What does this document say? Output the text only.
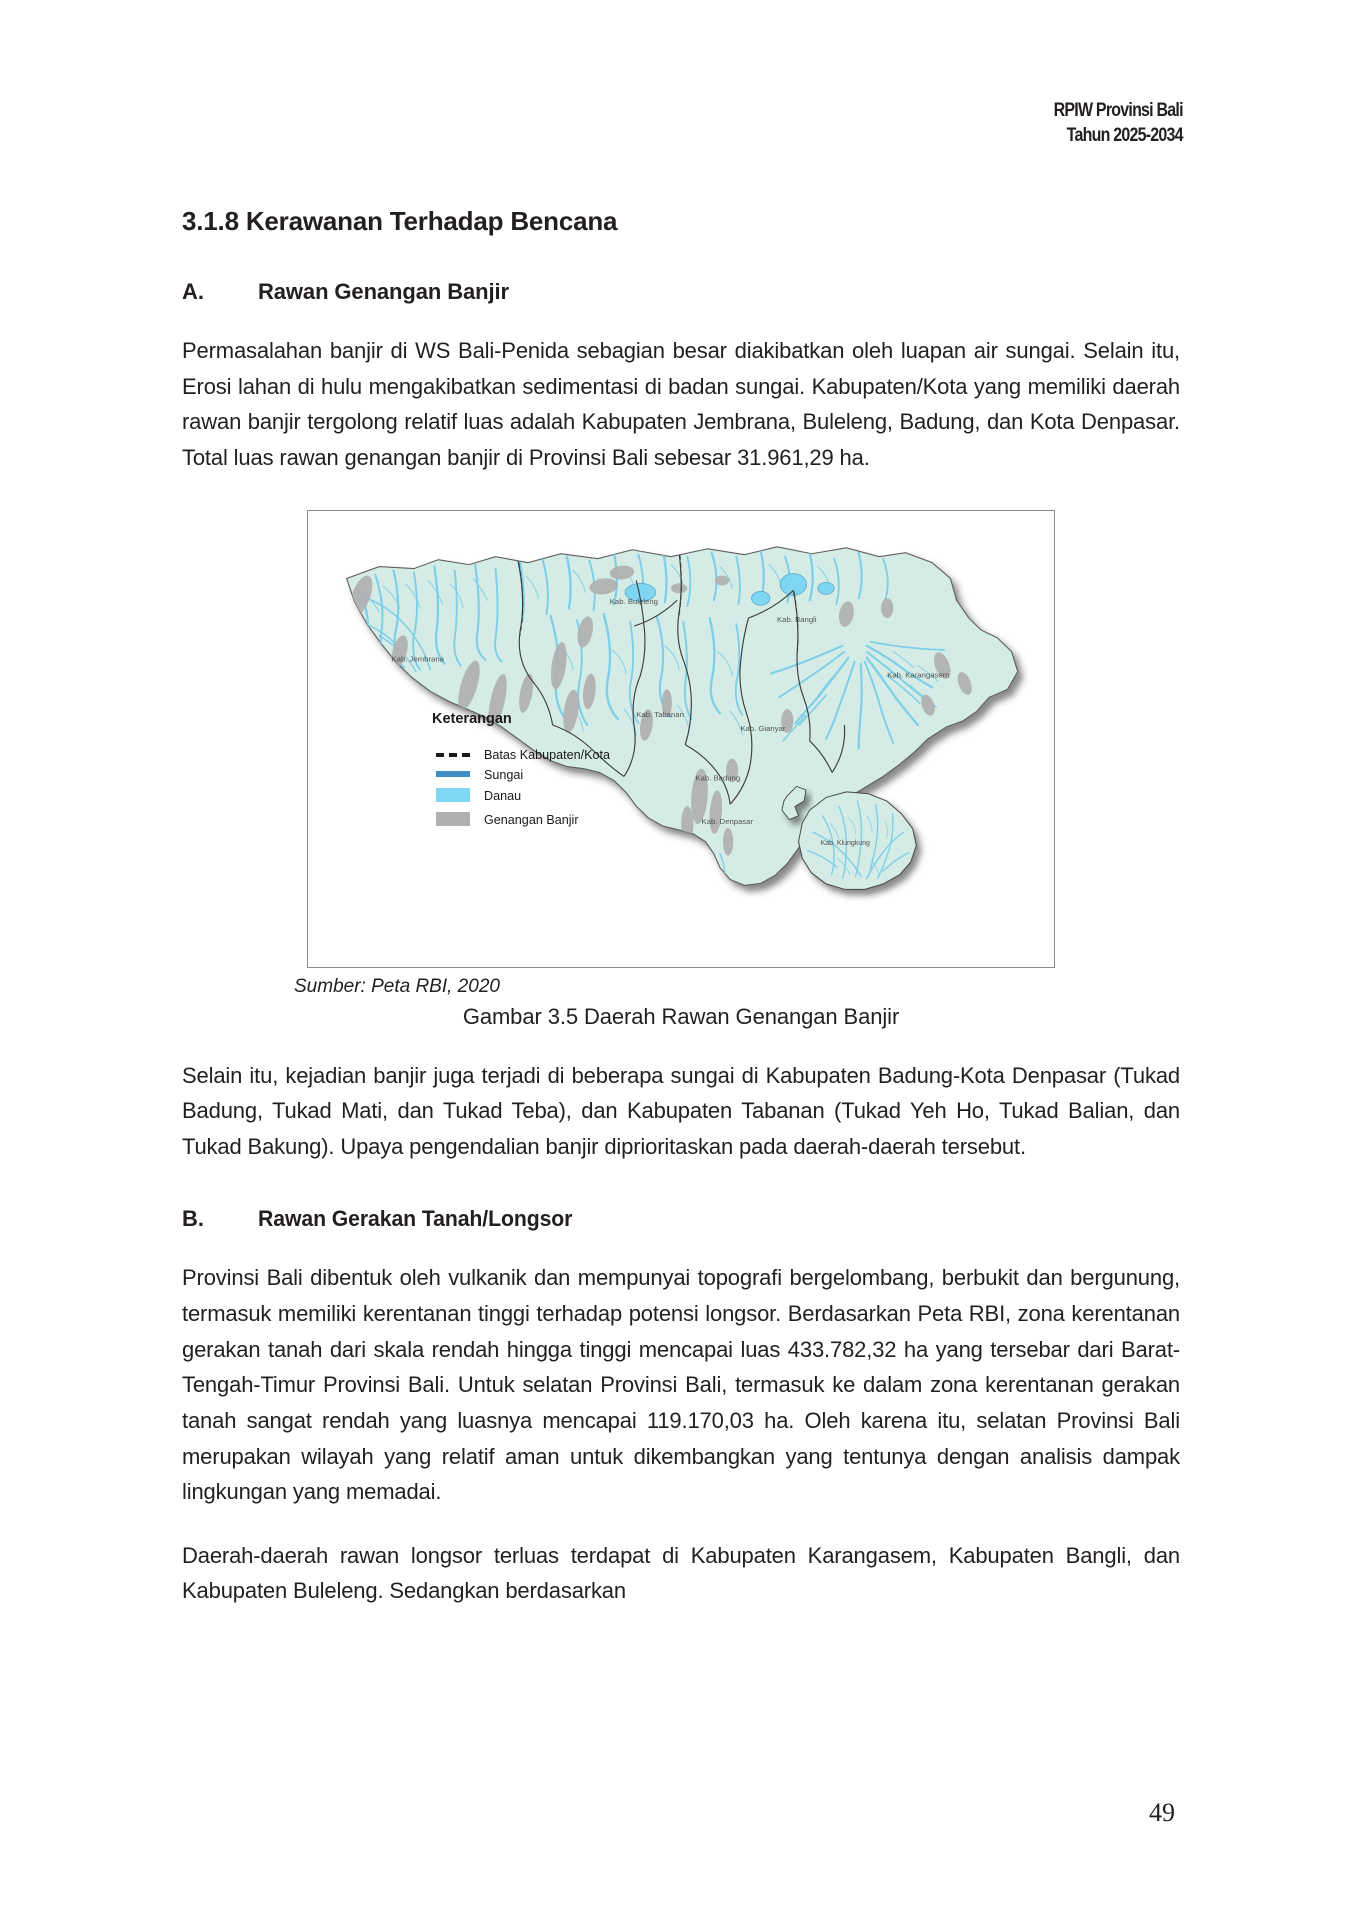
RPIW Provinsi Bali
Tahun 2025-2034
3.1.8 Kerawanan Terhadap Bencana
A.	Rawan Genangan Banjir

Permasalahan banjir di WS Bali-Penida sebagian besar diakibatkan oleh luapan air sungai. Selain itu, Erosi lahan di hulu mengakibatkan sedimentasi di badan sungai. Kabupaten/Kota yang memiliki daerah rawan banjir tergolong relatif luas adalah Kabupaten Jembrana, Buleleng, Badung, dan Kota Denpasar. Total luas rawan genangan banjir di Provinsi Bali sebesar 31.961,29 ha.

Kab. Jembrana
Kab. Buleleng
Kab. Tabanan
Kab. Bangli
Kab. Karangasem
Kab. Gianyar
Kab. Badung
Kab. Denpasar
Kab. Klungkung
Keterangan
Batas Kabupaten/Kota
Sungai
Danau
Genangan Banjir
Sumber: Peta RBI, 2020
Gambar 3.5 Daerah Rawan Genangan Banjir

Selain itu, kejadian banjir juga terjadi di beberapa sungai di Kabupaten Badung-Kota Denpasar (Tukad Badung, Tukad Mati, dan Tukad Teba), dan Kabupaten Tabanan (Tukad Yeh Ho, Tukad Balian, dan Tukad Bakung). Upaya pengendalian banjir diprioritaskan pada daerah-daerah tersebut.

B.	Rawan Gerakan Tanah/Longsor

Provinsi Bali dibentuk oleh vulkanik dan mempunyai topografi bergelombang, berbukit dan bergunung, termasuk memiliki kerentanan tinggi terhadap potensi longsor. Berdasarkan Peta RBI, zona kerentanan gerakan tanah dari skala rendah hingga tinggi mencapai luas 433.782,32 ha yang tersebar dari Barat-Tengah-Timur Provinsi Bali. Untuk selatan Provinsi Bali, termasuk ke dalam zona kerentanan gerakan tanah sangat rendah yang luasnya mencapai 119.170,03 ha. Oleh karena itu, selatan Provinsi Bali merupakan wilayah yang relatif aman untuk dikembangkan yang tentunya dengan analisis dampak lingkungan yang memadai.

Daerah-daerah rawan longsor terluas terdapat di Kabupaten Karangasem, Kabupaten Bangli, dan Kabupaten Buleleng. Sedangkan berdasarkan

49
